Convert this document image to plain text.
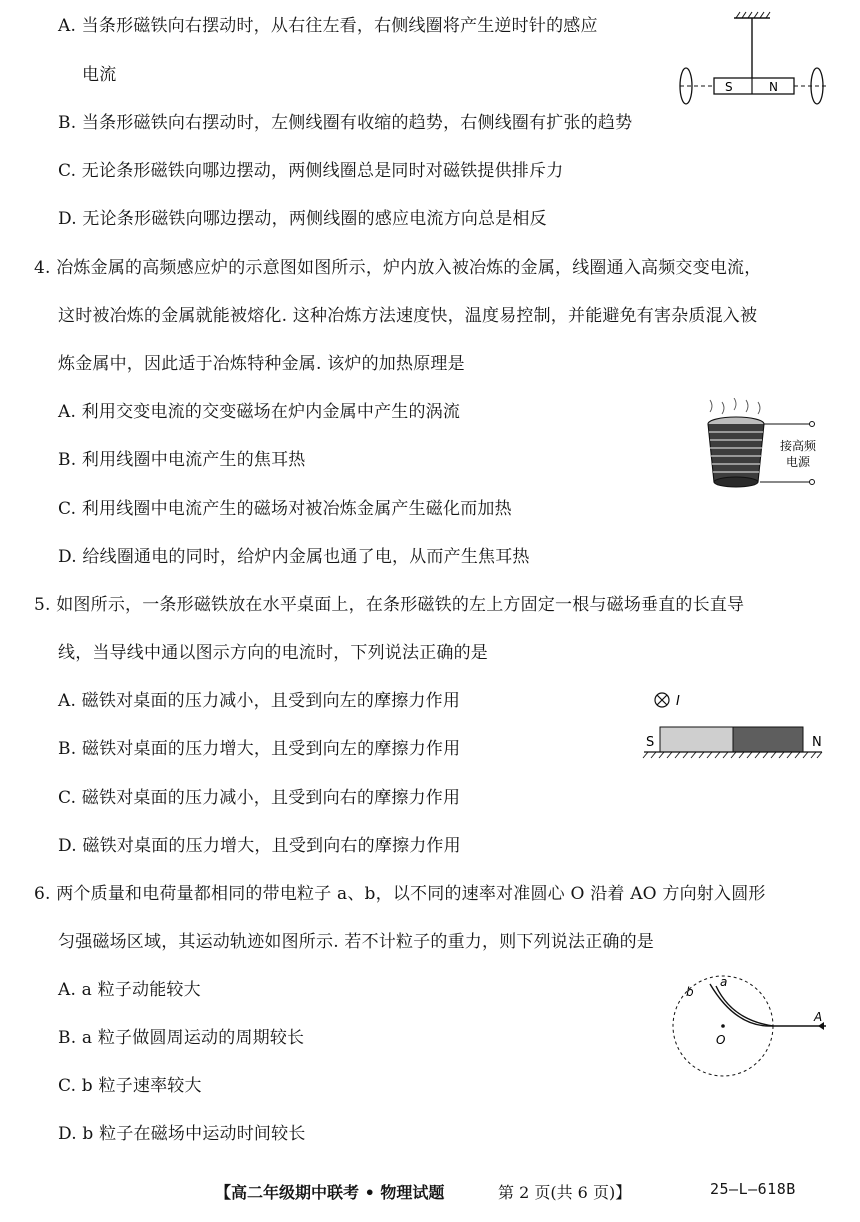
A. 当条形磁铁向右摆动时，从右往左看，右侧线圈将产生逆时针的感应
电流
B. 当条形磁铁向右摆动时，左侧线圈有收缩的趋势，右侧线圈有扩张的趋势
C. 无论条形磁铁向哪边摆动，两侧线圈总是同时对磁铁提供排斥力
D. 无论条形磁铁向哪边摆动，两侧线圈的感应电流方向总是相反
S	N
4. 冶炼金属的高频感应炉的示意图如图所示，炉内放入被冶炼的金属，线圈通入高频交变电流，
这时被冶炼的金属就能被熔化. 这种冶炼方法速度快，温度易控制，并能避免有害杂质混入被
炼金属中，因此适于冶炼特种金属. 该炉的加热原理是
A. 利用交变电流的交变磁场在炉内金属中产生的涡流
B. 利用线圈中电流产生的焦耳热
C. 利用线圈中电流产生的磁场对被冶炼金属产生磁化而加热
D. 给线圈通电的同时，给炉内金属也通了电，从而产生焦耳热
接高频
电源
5. 如图所示，一条形磁铁放在水平桌面上，在条形磁铁的左上方固定一根与磁场垂直的长直导
线，当导线中通以图示方向的电流时，下列说法正确的是
A. 磁铁对桌面的压力减小，且受到向左的摩擦力作用
B. 磁铁对桌面的压力增大，且受到向左的摩擦力作用
C. 磁铁对桌面的压力减小，且受到向右的摩擦力作用
D. 磁铁对桌面的压力增大，且受到向右的摩擦力作用
I
S	N
6. 两个质量和电荷量都相同的带电粒子 a、b，以不同的速率对准圆心 O 沿着 AO 方向射入圆形
匀强磁场区域，其运动轨迹如图所示. 若不计粒子的重力，则下列说法正确的是
A. a 粒子动能较大
B. a 粒子做圆周运动的周期较长
C. b 粒子速率较大
D. b 粒子在磁场中运动时间较长
a
b
O
A
【高二年级期中联考 • 物理试题	第 2 页(共 6 页)】	25—L—618B
